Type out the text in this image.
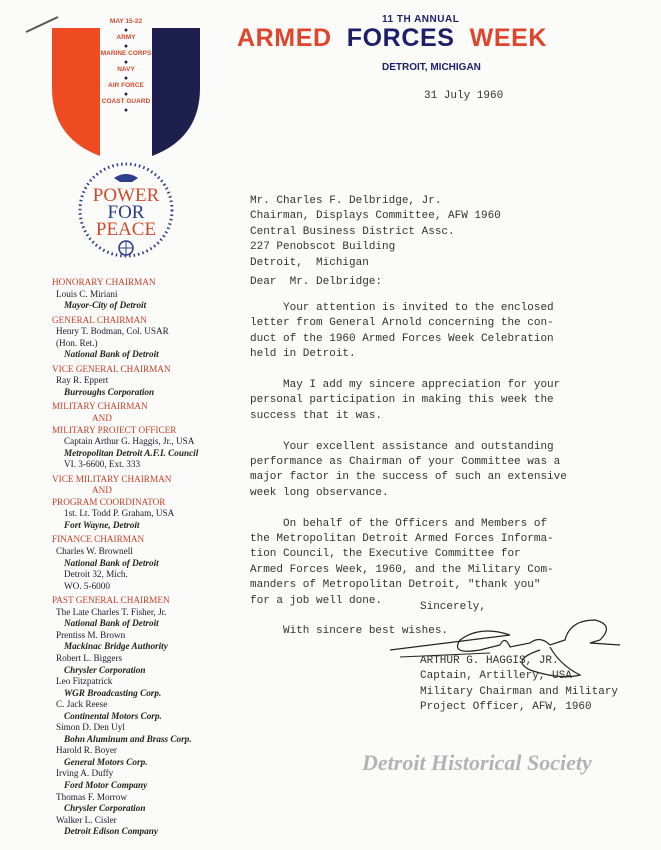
MAY 15-22
●
ARMY
●
MARINE CORPS
●
NAVY
●
AIR FORCE
●
COAST GUARD
●
POWER
FOR
PEACE
11 TH ANNUAL
ARMED FORCES WEEK
DETROIT, MICHIGAN
HONORARY CHAIRMAN
Louis C. Miriani
Mayor-City of Detroit
GENERAL CHAIRMAN
Henry T. Bodman, Col. USAR
(Hon. Ret.)
National Bank of Detroit
VICE GENERAL CHAIRMAN
Ray R. Eppert
Burroughs Corporation
MILITARY CHAIRMAN
AND
MILITARY PROJECT OFFICER
Captain Arthur G. Haggis, Jr., USA
Metropolitan Detroit A.F.I. Council
VI. 3-6600, Ext. 333
VICE MILITARY CHAIRMAN
AND
PROGRAM COORDINATOR
1st. Lt. Todd P. Graham, USA
Fort Wayne, Detroit
FINANCE CHAIRMAN
Charles W. Brownell
National Bank of Detroit
Detroit 32, Mich.
WO. 5-6000
PAST GENERAL CHAIRMEN
The Late Charles T. Fisher, Jr.
National Bank of Detroit
Prentiss M. Brown
Mackinac Bridge Authority
Robert L. Biggers
Chrysler Corporation
Leo Fitzpatrick
WGR Broadcasting Corp.
C. Jack Reese
Continental Motors Corp.
Simon D. Den Uyl
Bohn Aluminum and Brass Corp.
Harold R. Boyer
General Motors Corp.
Irving A. Duffy
Ford Motor Company
Thomas F. Morrow
Chrysler Corporation
Walker L. Cisler
Detroit Edison Company
31 July 1960
Mr. Charles F. Delbridge, Jr.
Chairman, Displays Committee, AFW 1960
Central Business District Assc.
227 Penobscot Building
Detroit,  Michigan
Dear  Mr. Delbridge:
Your attention is invited to the enclosed
letter from General Arnold concerning the con-
duct of the 1960 Armed Forces Week Celebration
held in Detroit.
May I add my sincere appreciation for your
personal participation in making this week the
success that it was.
Your excellent assistance and outstanding
performance as Chairman of your Committee was a
major factor in the success of such an extensive
week long observance.
On behalf of the Officers and Members of
the Metropolitan Detroit Armed Forces Informa-
tion Council, the Executive Committee for
Armed Forces Week, 1960, and the Military Com-
manders of Metropolitan Detroit, "thank you"
for a job well done.
With sincere best wishes.
Sincerely,
ARTHUR G. HAGGIS, JR.
Captain, Artillery, USA
Military Chairman and Military
Project Officer, AFW, 1960
Detroit Historical Society
